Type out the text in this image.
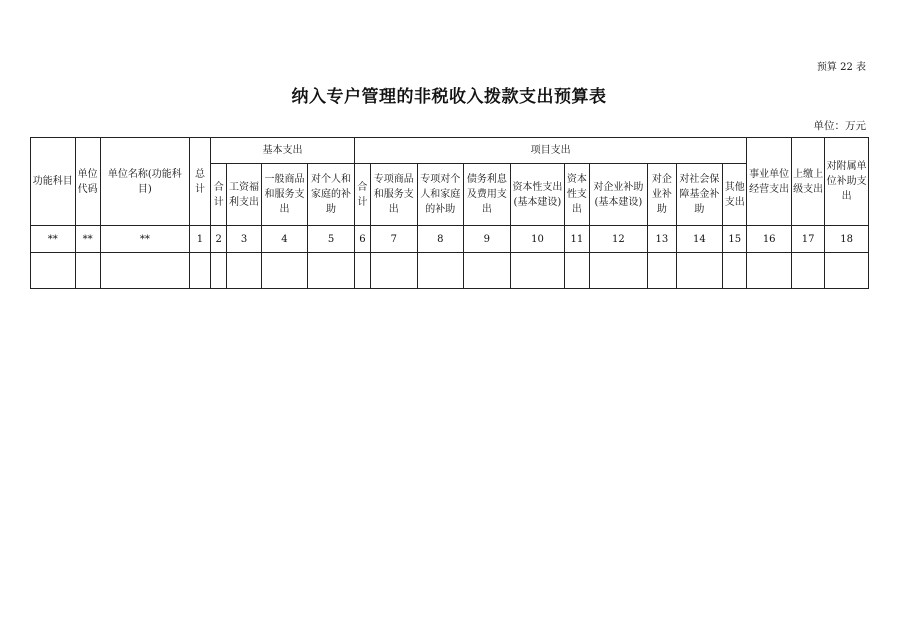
预算 22 表
纳入专户管理的非税收入拨款支出预算表
单位：万元
功能科目	单位代码	单位名称(功能科目)	总计	基本支出				项目支出										事业单位经营支出	上缴上级支出	对附属单位补助支出
				合计	工资福利支出	一般商品和服务支出	对个人和家庭的补助	合计	专项商品和服务支出	专项对个人和家庭的补助	债务利息及费用支出	资本性支出(基本建设)	资本性支出	对企业补助(基本建设)	对企业补助	对社会保障基金补助	其他支出			
**	**	**	1	2	3	4	5	6	7	8	9	10	11	12	13	14	15	16	17	18
